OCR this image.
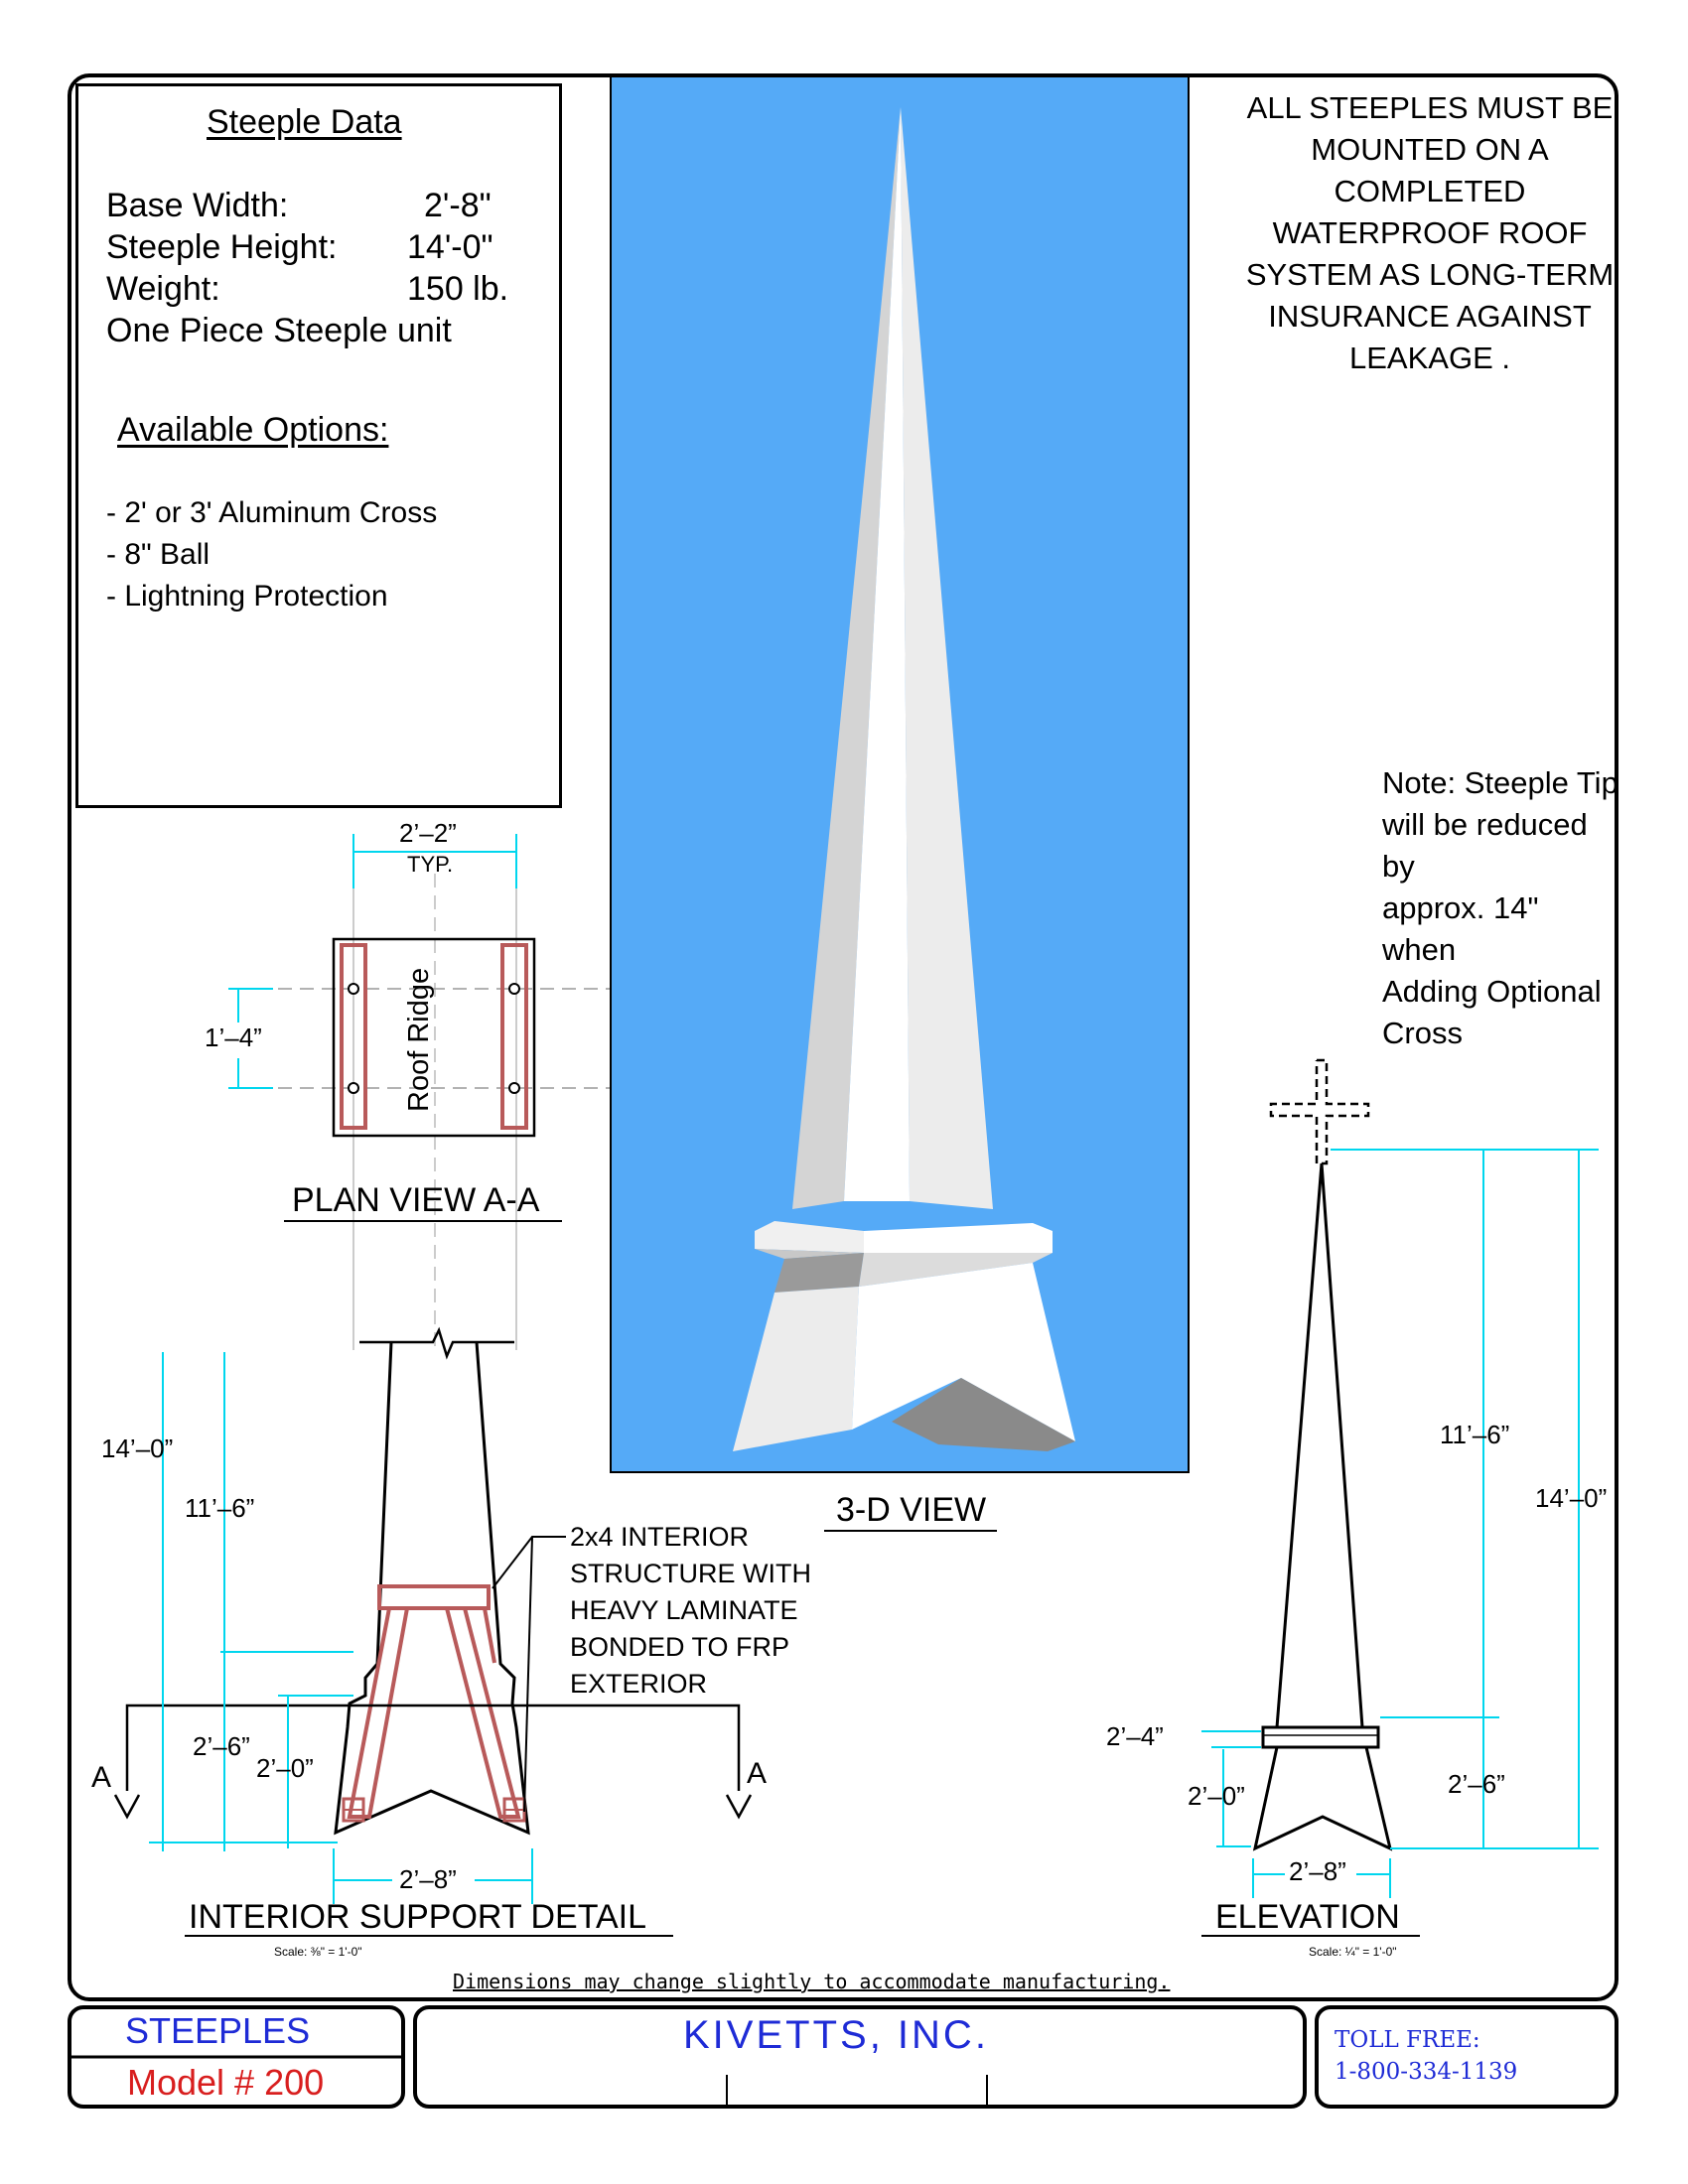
Steeple Data
Base Width:	2'-8"
Steeple Height: 14'-0"
Weight:	150 lb.
One Piece Steeple unit
Available Options:
- 2' or 3' Aluminum Cross
- 8" Ball
- Lightning Protection
ALL STEEPLES MUST BE
MOUNTED ON A
COMPLETED
WATERPROOF ROOF
SYSTEM AS LONG-TERM
INSURANCE AGAINST
LEAKAGE .
Note: Steeple Tip
will be reduced by
approx. 14" when
Adding Optional
Cross
2’–2”
TYP.
1’–4”	Roof Ridge
PLAN VIEW A-A
3-D VIEW
14’–0”
11’–6”
2’–6”
2’–0”
2’–8”
A	A
2x4 INTERIOR
STRUCTURE WITH
HEAVY LAMINATE
BONDED TO FRP
EXTERIOR
INTERIOR SUPPORT DETAIL
Scale: ⅜" = 1'-0"
11’–6”
14’–0”
2’–4”
2’–0”	2’–6”
2’–8”
ELEVATION
Scale: ¼" = 1'-0"
Dimensions may change slightly to accommodate manufacturing.
STEEPLES
Model # 200
KIVETTS, INC.	TOLL FREE:
1-800-334-1139
